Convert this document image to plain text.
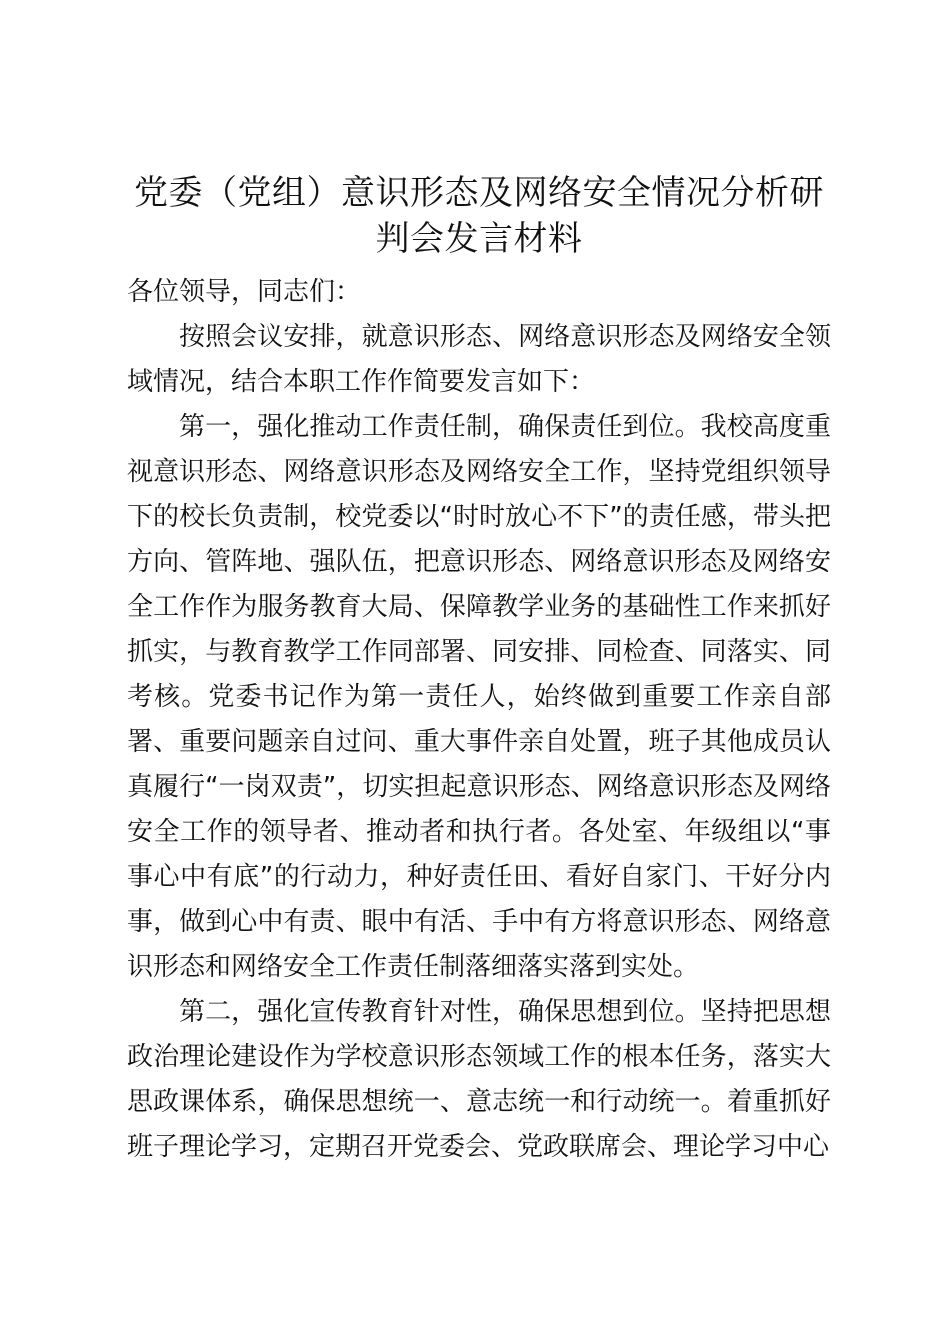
党委（党组）意识形态及网络安全情况分析研判会发言材料

各位领导，同志们：

按照会议安排，就意识形态、网络意识形态及网络安全领域情况，结合本职工作作简要发言如下：

第一，强化推动工作责任制，确保责任到位。我校高度重视意识形态、网络意识形态及网络安全工作，坚持党组织领导下的校长负责制，校党委以“时时放心不下”的责任感，带头把方向、管阵地、强队伍，把意识形态、网络意识形态及网络安全工作作为服务教育大局、保障教学业务的基础性工作来抓好抓实，与教育教学工作同部署、同安排、同检查、同落实、同考核。党委书记作为第一责任人，始终做到重要工作亲自部署、重要问题亲自过问、重大事件亲自处置，班子其他成员认真履行“一岗双责”，切实担起意识形态、网络意识形态及网络安全工作的领导者、推动者和执行者。各处室、年级组以“事事心中有底”的行动力，种好责任田、看好自家门、干好分内事，做到心中有责、眼中有活、手中有方将意识形态、网络意识形态和网络安全工作责任制落细落实落到实处。

第二，强化宣传教育针对性，确保思想到位。坚持把思想政治理论建设作为学校意识形态领域工作的根本任务，落实大思政课体系，确保思想统一、意志统一和行动统一。着重抓好班子理论学习，定期召开党委会、党政联席会、理论学习中心
